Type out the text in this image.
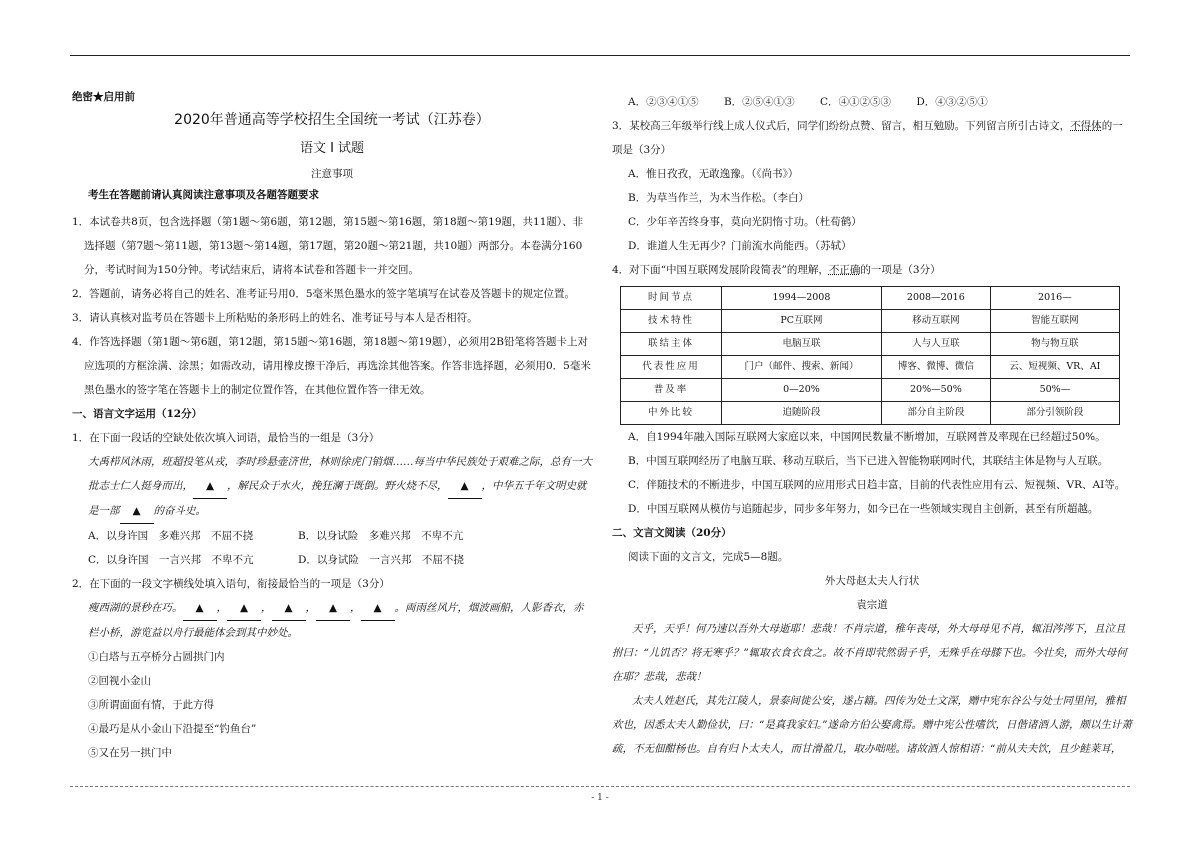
绝密★启用前
2020年普通高等学校招生全国统一考试（江苏卷）
语文 I 试题
注意事项
考生在答题前请认真阅读注意事项及各题答题要求

1．本试卷共8页，包含选择题（第1题～第6题，第12题，第15题～第16题，第18题～第19题，共11题）、非选择题（第7题～第11题，第13题～第14题，第17题，第20题～第21题，共10题）两部分。本卷满分160分，考试时间为150分钟。考试结束后，请将本试卷和答题卡一并交回。

2．答题前，请务必将自己的姓名、准考证号用0．5毫米黑色墨水的签字笔填写在试卷及答题卡的规定位置。

3．请认真核对监考员在答题卡上所粘贴的条形码上的姓名、准考证号与本人是否相符。

4．作答选择题（第1题～第6题，第12题，第15题～第16题，第18题～第19题），必须用2B铅笔将答题卡上对应选项的方框涂满、涂黑；如需改动，请用橡皮擦干净后，再选涂其他答案。作答非选择题，必须用0．5毫米黑色墨水的签字笔在答题卡上的制定位置作答，在其他位置作答一律无效。

一、语言文字运用（12分）

1．在下面一段话的空缺处依次填入词语，最恰当的一组是（3分）

大禹栉风沐雨，班超投笔从戎，李时珍悬壶济世，林则徐虎门销烟……每当中华民族处于艰难之际，总有一大批志士仁人挺身而出， ▲ ，解民众于水火，挽狂澜于既倒。野火烧不尽， ▲ ，中华五千年文明史就是一部 ▲ 的奋斗史。

A．以身许国　多难兴邦　不屈不挠	B．以身试险　多难兴邦　不卑不亢
C．以身许国　一言兴邦　不卑不亢	D．以身试险　一言兴邦　不屈不挠

2．在下面的一段文字横线处填入语句，衔接最恰当的一项是（3分）

瘦西湖的景秒在巧。 ▲ ， ▲ ， ▲ ， ▲ ， ▲ 。両雨丝风片，烟波画船，人影香衣，赤栏小桥，游览益以舟行最能体会到其中妙处。

①白塔与五亭桥分占圆拱门内

②回视小金山

③所谓面面有情，于此方得

④最巧是从小金山下沿提至“钓鱼台”

⑤又在另一拱门中

A．②③④①⑤ B．②⑤④①③ C．④①②⑤③ D．④③②⑤①

3．某校高三年级举行线上成人仪式后，同学们纷纷点赞、留言，相互勉励。下列留言所引古诗文，不得体的一项是（3分）

A．惟日孜孜，无敢逸豫。（《尚书》）

B．为草当作兰，为木当作松。（李白）

C．少年辛苦终身事，莫向光阴惰寸功。（杜荀鹤）

D．谁道人生无再少？门前流水尚能西。（苏轼）

4．对下面“中国互联网发展阶段简表”的理解，不正确的一项是（3分）

时间节点	1994—2008	2008—2016	2016—
技术特性	PC互联网	移动互联网	智能互联网
联结主体	电脑互联	人与人互联	物与物互联
代表性应用	门户（邮件、搜索、新闻）	博客、微博、微信	云、短视频、VR、AI
普及率	0—20%	20%—50%	50%—
中外比较	追随阶段	部分自主阶段	部分引领阶段

A．自1994年融入国际互联网大家庭以来，中国网民数量不断增加，互联网普及率现在已经超过50%。

B．中国互联网经历了电脑互联、移动互联后，当下已进入智能物联网时代，其联结主体是物与人互联。

C．伴随技术的不断进步，中国互联网的应用形式日趋丰富，目前的代表性应用有云、短视频、VR、AI等。

D．中国互联网从模仿与追随起步，同步多年努力，如今已在一些领域实现自主创新，甚至有所超越。

二、文言文阅读（20分）

阅读下面的文言文，完成5—8题。

外大母赵太夫人行状

袁宗道

天乎，天乎！何乃速以吾外大母逝耶！悲哉！不肖宗道，稚年丧母，外大母母见不肖，辄泪涔涔下，且泣且拊曰：“儿饥否？将无寒乎？”辄取衣食衣食之。故不肖即茕然弱子乎，无殊乎在母膝下也。今壮矣，而外大母何在耶？悲哉，悲哉！

太夫人姓赵氏，其先江陵人，景泰间徙公安，遂占籍。四传为处士文深，赠中宪东谷公与处士同里闬，雅相欢也，因悉太夫人勤俭状，曰：“是真我家妇。”遂命方伯公娶禽焉。赠中宪公性嗜饮，日偕诸酒人游，颇以生计萧疏，不无佃酣杨也。自有归卜太夫人，而甘滑盈几，取办咄嗟。诸故酒人惊相语：“前从夫夫饮，且少鲑莱耳，

- 1 -
